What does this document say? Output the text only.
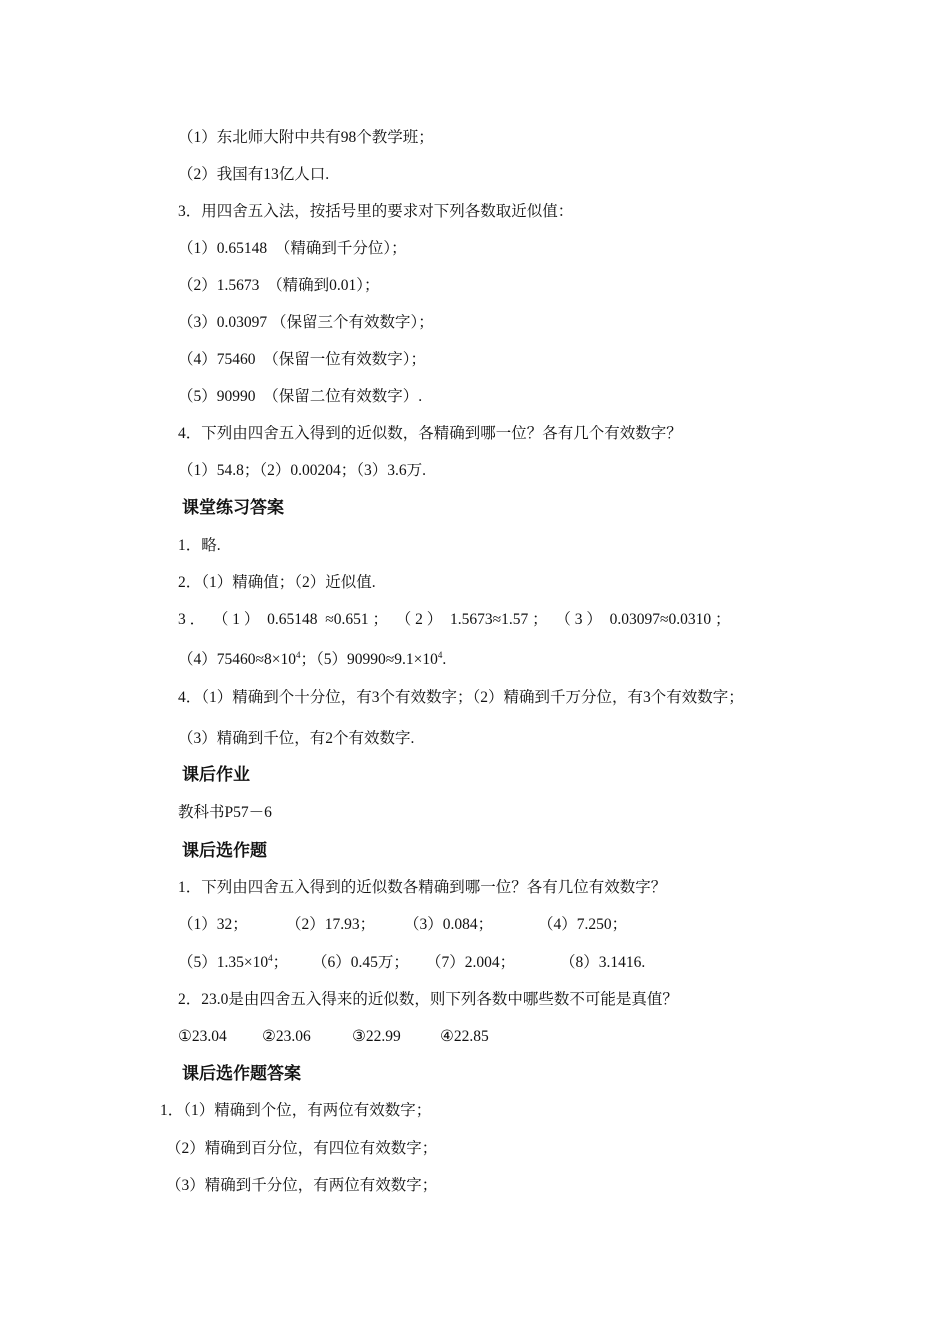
（1）东北师大附中共有98个教学班；
（2）我国有13亿人口.
3．用四舍五入法，按括号里的要求对下列各数取近似值：
（1）0.65148  （精确到千分位）；
（2）1.5673  （精确到0.01）；
（3）0.03097 （保留三个有效数字）；
（4）75460  （保留一位有效数字）；
（5）90990  （保留二位有效数字）.
4．下列由四舍五入得到的近似数，各精确到哪一位？各有几个有效数字？
（1）54.8；（2）0.00204；（3）3.6万.
课堂练习答案
1．略.
2．（1）精确值；（2）近似值.
3 ．  （ 1 ）  0.65148  ≈0.651 ；  （ 2 ）  1.5673≈1.57 ；  （ 3 ）  0.03097≈0.0310 ；
$(4)75460\approx 8\times 10^4$；$(5)90990\approx 9.1\times 10^4$.
4．（1）精确到个十分位，有3个有效数字；（2）精确到千万分位，有3个有效数字；
（3）精确到千位，有2个有效数字.
课后作业
教科书P57－6
课后选作题
1．下列由四舍五入得到的近似数各精确到哪一位？各有几位有效数字？
（1）32； （2）17.93； （3）0.084；	（4）7.250；
$(5)1.35\times 10^4$； （6）0.45万； （7）2.004；	（8）3.1416.
2．23.0是由四舍五入得来的近似数，则下列各数中哪些数不可能是真值？
①23.04 ②23.06	③22.99	④22.85
课后选作题答案
1．（1）精确到个位，有两位有效数字；
（2）精确到百分位，有四位有效数字；
（3）精确到千分位，有两位有效数字；
